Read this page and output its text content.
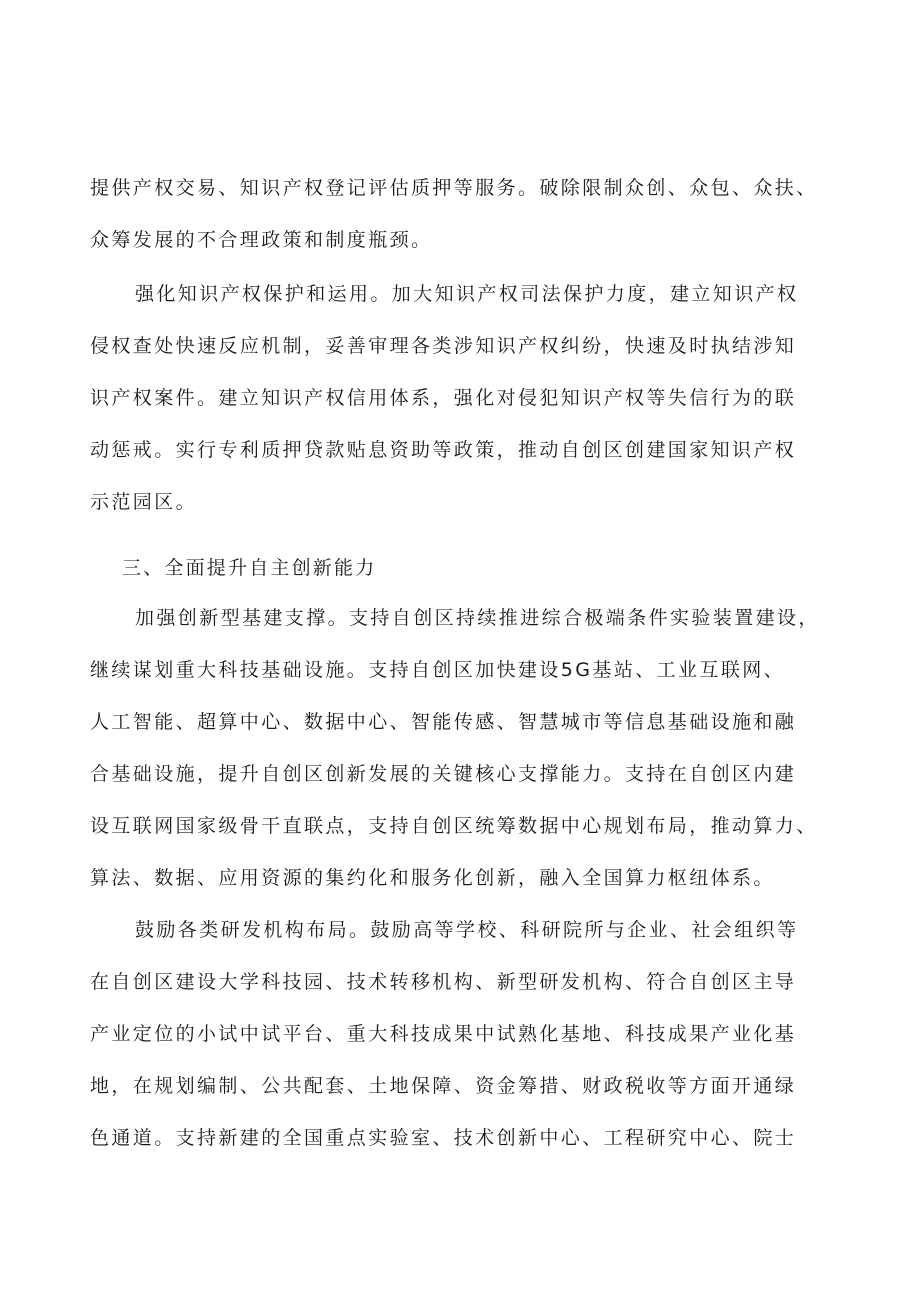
提供产权交易、知识产权登记评估质押等服务。破除限制众创、众包、众扶、
众筹发展的不合理政策和制度瓶颈。
强化知识产权保护和运用。加大知识产权司法保护力度，建立知识产权
侵权查处快速反应机制，妥善审理各类涉知识产权纠纷，快速及时执结涉知
识产权案件。建立知识产权信用体系，强化对侵犯知识产权等失信行为的联
动惩戒。实行专利质押贷款贴息资助等政策，推动自创区创建国家知识产权
示范园区。
三、全面提升自主创新能力
加强创新型基建支撑。支持自创区持续推进综合极端条件实验装置建设，
继续谋划重大科技基础设施。支持自创区加快建设5G基站、工业互联网、
人工智能、超算中心、数据中心、智能传感、智慧城市等信息基础设施和融
合基础设施，提升自创区创新发展的关键核心支撑能力。支持在自创区内建
设互联网国家级骨干直联点，支持自创区统筹数据中心规划布局，推动算力、
算法、数据、应用资源的集约化和服务化创新，融入全国算力枢纽体系。
鼓励各类研发机构布局。鼓励高等学校、科研院所与企业、社会组织等
在自创区建设大学科技园、技术转移机构、新型研发机构、符合自创区主导
产业定位的小试中试平台、重大科技成果中试熟化基地、科技成果产业化基
地，在规划编制、公共配套、土地保障、资金筹措、财政税收等方面开通绿
色通道。支持新建的全国重点实验室、技术创新中心、工程研究中心、院士
